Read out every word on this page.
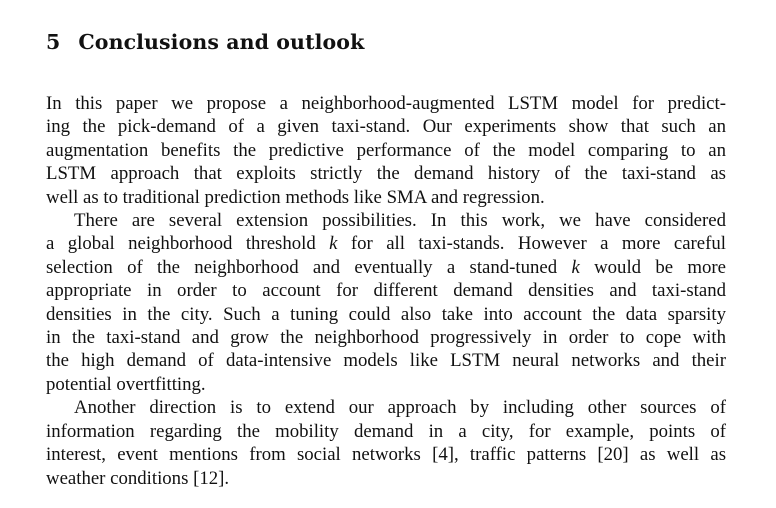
5 Conclusions and outlook

In this paper we propose a neighborhood-augmented LSTM model for predict-
ing the pick-demand of a given taxi-stand. Our experiments show that such an
augmentation benefits the predictive performance of the model comparing to an
LSTM approach that exploits strictly the demand history of the taxi-stand as
well as to traditional prediction methods like SMA and regression.

There are several extension possibilities. In this work, we have considered
a global neighborhood threshold k for all taxi-stands. However a more careful
selection of the neighborhood and eventually a stand-tuned k would be more
appropriate in order to account for different demand densities and taxi-stand
densities in the city. Such a tuning could also take into account the data sparsity
in the taxi-stand and grow the neighborhood progressively in order to cope with
the high demand of data-intensive models like LSTM neural networks and their
potential overtfitting.

Another direction is to extend our approach by including other sources of
information regarding the mobility demand in a city, for example, points of
interest, event mentions from social networks [4], traffic patterns [20] as well as
weather conditions [12].
